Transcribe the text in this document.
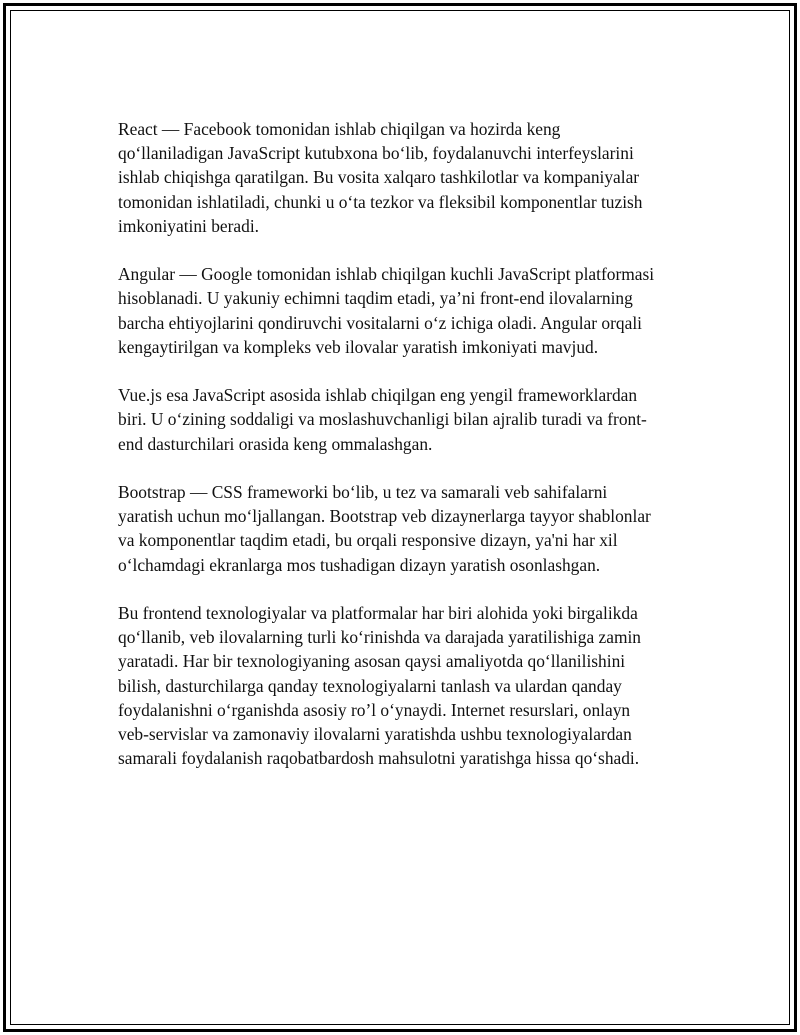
React — Facebook tomonidan ishlab chiqilgan va hozirda keng
qo‘llaniladigan JavaScript kutubxona bo‘lib, foydalanuvchi interfeyslarini
ishlab chiqishga qaratilgan. Bu vosita xalqaro tashkilotlar va kompaniyalar
tomonidan ishlatiladi, chunki u o‘ta tezkor va fleksibil komponentlar tuzish
imkoniyatini beradi.

Angular — Google tomonidan ishlab chiqilgan kuchli JavaScript platformasi
hisoblanadi. U yakuniy echimni taqdim etadi, ya’ni front-end ilovalarning
barcha ehtiyojlarini qondiruvchi vositalarni o‘z ichiga oladi. Angular orqali
kengaytirilgan va kompleks veb ilovalar yaratish imkoniyati mavjud.

Vue.js esa JavaScript asosida ishlab chiqilgan eng yengil frameworklardan
biri. U o‘zining soddaligi va moslashuvchanligi bilan ajralib turadi va front-
end dasturchilari orasida keng ommalashgan.

Bootstrap — CSS frameworki bo‘lib, u tez va samarali veb sahifalarni
yaratish uchun mo‘ljallangan. Bootstrap veb dizaynerlarga tayyor shablonlar
va komponentlar taqdim etadi, bu orqali responsive dizayn, ya'ni har xil
o‘lchamdagi ekranlarga mos tushadigan dizayn yaratish osonlashgan.

Bu frontend texnologiyalar va platformalar har biri alohida yoki birgalikda
qo‘llanib, veb ilovalarning turli ko‘rinishda va darajada yaratilishiga zamin
yaratadi. Har bir texnologiyaning asosan qaysi amaliyotda qo‘llanilishini
bilish, dasturchilarga qanday texnologiyalarni tanlash va ulardan qanday
foydalanishni o‘rganishda asosiy ro’l o‘ynaydi. Internet resurslari, onlayn
veb-servislar va zamonaviy ilovalarni yaratishda ushbu texnologiyalardan
samarali foydalanish raqobatbardosh mahsulotni yaratishga hissa qo‘shadi.
